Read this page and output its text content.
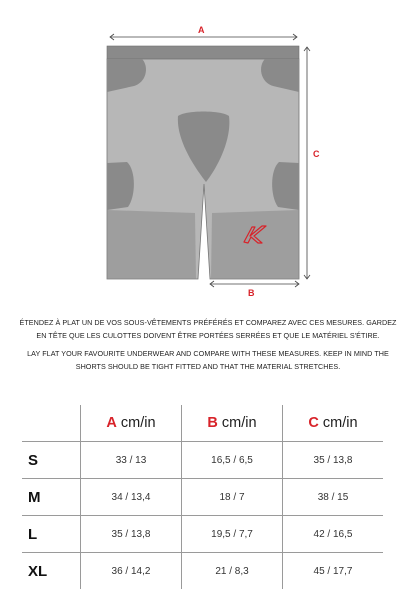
A
C
B
ÉTENDEZ À PLAT UN DE VOS SOUS-VÊTEMENTS PRÉFÉRÉS ET COMPAREZ AVEC CES MESURES. GARDEZ EN TÊTE QUE LES CULOTTES DOIVENT ÊTRE PORTÉES SERRÉES ET QUE LE MATÉRIEL S'ÉTIRE.
LAY FLAT YOUR FAVOURITE UNDERWEAR AND COMPARE WITH THESE MEASURES. KEEP IN MIND THE SHORTS SHOULD BE TIGHT FITTED AND THAT THE MATERIAL STRETCHES.
	A cm/in	B cm/in	C cm/in
S	33 / 13	16,5 / 6,5	35 / 13,8
M	34 / 13,4	18 / 7	38 / 15
L	35 / 13,8	19,5 / 7,7	42 / 16,5
XL	36 / 14,2	21 / 8,3	45 / 17,7
